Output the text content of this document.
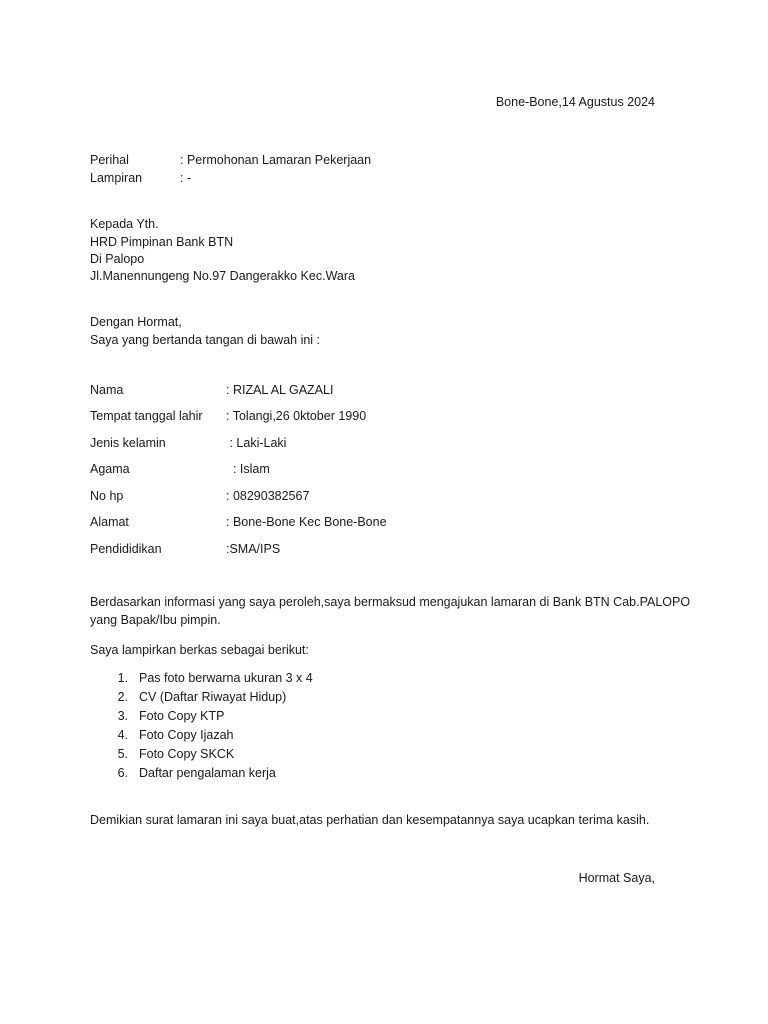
Bone-Bone,14 Agustus 2024
Perihal	: Permohonan Lamaran Pekerjaan
Lampiran	: -
Kepada Yth.
HRD Pimpinan Bank BTN
Di Palopo
Jl.Manennungeng No.97 Dangerakko Kec.Wara
Dengan Hormat,
Saya yang bertanda tangan di bawah ini :
Nama	: RIZAL AL GAZALI
Tempat tanggal lahir : Tolangi,26 0ktober 1990
Jenis kelamin	: Laki-Laki
Agama	: Islam
No hp	: 08290382567
Alamat	: Bone-Bone Kec Bone-Bone
Pendididikan	:SMA/IPS
Berdasarkan informasi yang saya peroleh,saya bermaksud mengajukan lamaran di Bank BTN Cab.PALOPO
yang Bapak/Ibu pimpin.
Saya lampirkan berkas sebagai berikut:
1. Pas foto berwarna ukuran 3 x 4
2. CV (Daftar Riwayat Hidup)
3. Foto Copy KTP
4. Foto Copy Ijazah
5. Foto Copy SKCK
6. Daftar pengalaman kerja
Demikian surat lamaran ini saya buat,atas perhatian dan kesempatannya saya ucapkan terima kasih.
Hormat Saya,
